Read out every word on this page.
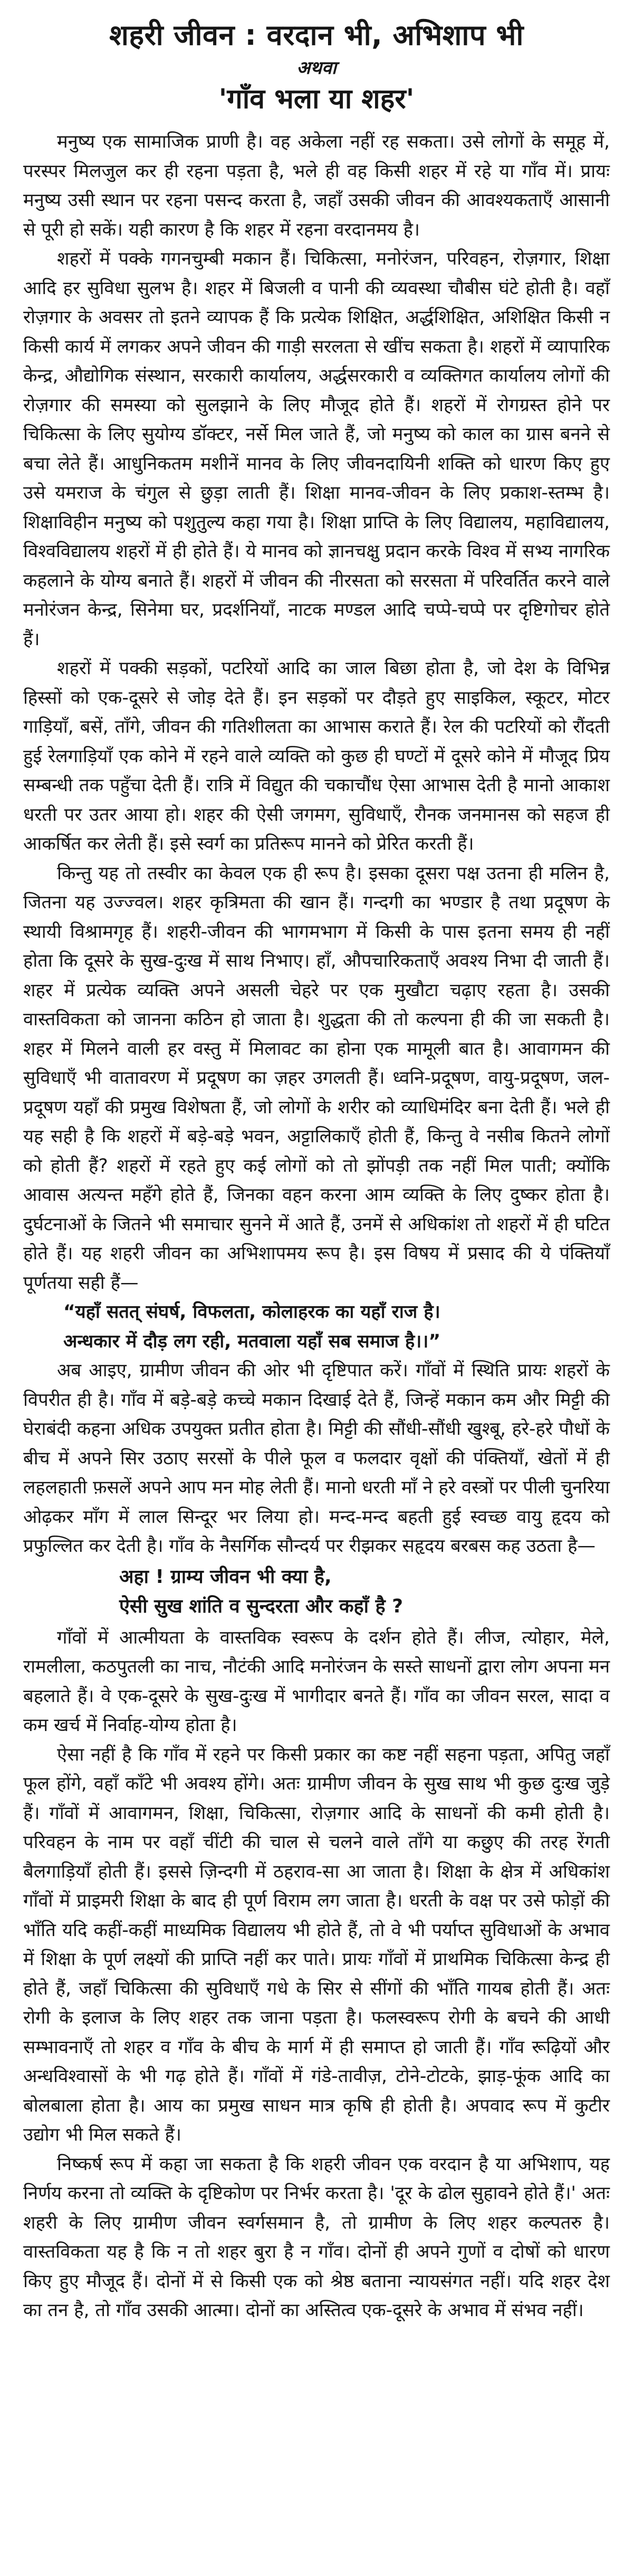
शहरी जीवन : वरदान भी, अभिशाप भी
अथवा
'गाँव भला या शहर'

मनुष्य एक सामाजिक प्राणी है। वह अकेला नहीं रह सकता। उसे लोगों के समूह में, परस्पर मिलजुल कर ही रहना पड़ता है, भले ही वह किसी शहर में रहे या गाँव में। प्रायः मनुष्य उसी स्थान पर रहना पसन्द करता है, जहाँ उसकी जीवन की आवश्यकताएँ आसानी से पूरी हो सकें। यही कारण है कि शहर में रहना वरदानमय है।

शहरों में पक्के गगनचुम्बी मकान हैं। चिकित्सा, मनोरंजन, परिवहन, रोज़गार, शिक्षा आदि हर सुविधा सुलभ है। शहर में बिजली व पानी की व्यवस्था चौबीस घंटे होती है। वहाँ रोज़गार के अवसर तो इतने व्यापक हैं कि प्रत्येक शिक्षित, अर्द्धशिक्षित, अशिक्षित किसी न किसी कार्य में लगकर अपने जीवन की गाड़ी सरलता से खींच सकता है। शहरों में व्यापारिक केन्द्र, औद्योगिक संस्थान, सरकारी कार्यालय, अर्द्धसरकारी व व्यक्तिगत कार्यालय लोगों की रोज़गार की समस्या को सुलझाने के लिए मौजूद होते हैं। शहरों में रोगग्रस्त होने पर चिकित्सा के लिए सुयोग्य डॉक्टर, नर्से मिल जाते हैं, जो मनुष्य को काल का ग्रास बनने से बचा लेते हैं। आधुनिकतम मशीनें मानव के लिए जीवनदायिनी शक्ति को धारण किए हुए उसे यमराज के चंगुल से छुड़ा लाती हैं। शिक्षा मानव-जीवन के लिए प्रकाश-स्तम्भ है। शिक्षाविहीन मनुष्य को पशुतुल्य कहा गया है। शिक्षा प्राप्ति के लिए विद्यालय, महाविद्यालय, विश्वविद्यालय शहरों में ही होते हैं। ये मानव को ज्ञानचक्षु प्रदान करके विश्व में सभ्य नागरिक कहलाने के योग्य बनाते हैं। शहरों में जीवन की नीरसता को सरसता में परिवर्तित करने वाले मनोरंजन केन्द्र, सिनेमा घर, प्रदर्शनियाँ, नाटक मण्डल आदि चप्पे-चप्पे पर दृष्टिगोचर होते हैं।

शहरों में पक्की सड़कों, पटरियों आदि का जाल बिछा होता है, जो देश के विभिन्न हिस्सों को एक-दूसरे से जोड़ देते हैं। इन सड़कों पर दौड़ते हुए साइकिल, स्कूटर, मोटर गाड़ियाँ, बसें, ताँगे, जीवन की गतिशीलता का आभास कराते हैं। रेल की पटरियों को रौंदती हुई रेलगाड़ियाँ एक कोने में रहने वाले व्यक्ति को कुछ ही घण्टों में दूसरे कोने में मौजूद प्रिय सम्बन्धी तक पहुँचा देती हैं। रात्रि में विद्युत की चकाचौंध ऐसा आभास देती है मानो आकाश धरती पर उतर आया हो। शहर की ऐसी जगमग, सुविधाएँ, रौनक जनमानस को सहज ही आकर्षित कर लेती हैं। इसे स्वर्ग का प्रतिरूप मानने को प्रेरित करती हैं।

किन्तु यह तो तस्वीर का केवल एक ही रूप है। इसका दूसरा पक्ष उतना ही मलिन है, जितना यह उज्ज्वल। शहर कृत्रिमता की खान हैं। गन्दगी का भण्डार है तथा प्रदूषण के स्थायी विश्रामगृह हैं। शहरी-जीवन की भागमभाग में किसी के पास इतना समय ही नहीं होता कि दूसरे के सुख-दुःख में साथ निभाए। हाँ, औपचारिकताएँ अवश्य निभा दी जाती हैं। शहर में प्रत्येक व्यक्ति अपने असली चेहरे पर एक मुखौटा चढ़ाए रहता है। उसकी वास्तविकता को जानना कठिन हो जाता है। शुद्धता की तो कल्पना ही की जा सकती है। शहर में मिलने वाली हर वस्तु में मिलावट का होना एक मामूली बात है। आवागमन की सुविधाएँ भी वातावरण में प्रदूषण का ज़हर उगलती हैं। ध्वनि-प्रदूषण, वायु-प्रदूषण, जल-प्रदूषण यहाँ की प्रमुख विशेषता हैं, जो लोगों के शरीर को व्याधिमंदिर बना देती हैं। भले ही यह सही है कि शहरों में बड़े-बड़े भवन, अट्टालिकाएँ होती हैं, किन्तु वे नसीब कितने लोगों को होती हैं? शहरों में रहते हुए कई लोगों को तो झोंपड़ी तक नहीं मिल पाती; क्योंकि आवास अत्यन्त महँगे होते हैं, जिनका वहन करना आम व्यक्ति के लिए दुष्कर होता है। दुर्घटनाओं के जितने भी समाचार सुनने में आते हैं, उनमें से अधिकांश तो शहरों में ही घटित होते हैं। यह शहरी जीवन का अभिशापमय रूप है। इस विषय में प्रसाद की ये पंक्तियाँ पूर्णतया सही हैं—

“यहाँ सतत् संघर्ष, विफलता, कोलाहरक का यहाँ राज है।
अन्धकार में दौड़ लग रही, मतवाला यहाँ सब समाज है।।”

अब आइए, ग्रामीण जीवन की ओर भी दृष्टिपात करें। गाँवों में स्थिति प्रायः शहरों के विपरीत ही है। गाँव में बड़े-बड़े कच्चे मकान दिखाई देते हैं, जिन्हें मकान कम और मिट्टी की घेराबंदी कहना अधिक उपयुक्त प्रतीत होता है। मिट्टी की सौंधी-सौंधी खुश्बू, हरे-हरे पौधों के बीच में अपने सिर उठाए सरसों के पीले फूल व फलदार वृक्षों की पंक्तियाँ, खेतों में ही लहलहाती फ़सलें अपने आप मन मोह लेती हैं। मानो धरती माँ ने हरे वस्त्रों पर पीली चुनरिया ओढ़कर माँग में लाल सिन्दूर भर लिया हो। मन्द-मन्द बहती हुई स्वच्छ वायु हृदय को प्रफुल्लित कर देती है। गाँव के नैसर्गिक सौन्दर्य पर रीझकर सहृदय बरबस कह उठता है—

अहा ! ग्राम्य जीवन भी क्या है,
ऐसी सुख शांति व सुन्दरता और कहाँ है ?

गाँवों में आत्मीयता के वास्तविक स्वरूप के दर्शन होते हैं। लीज, त्योहार, मेले, रामलीला, कठपुतली का नाच, नौटंकी आदि मनोरंजन के सस्ते साधनों द्वारा लोग अपना मन बहलाते हैं। वे एक-दूसरे के सुख-दुःख में भागीदार बनते हैं। गाँव का जीवन सरल, सादा व कम खर्च में निर्वाह-योग्य होता है।

ऐसा नहीं है कि गाँव में रहने पर किसी प्रकार का कष्ट नहीं सहना पड़ता, अपितु जहाँ फूल होंगे, वहाँ काँटे भी अवश्य होंगे। अतः ग्रामीण जीवन के सुख साथ भी कुछ दुःख जुड़े हैं। गाँवों में आवागमन, शिक्षा, चिकित्सा, रोज़गार आदि के साधनों की कमी होती है। परिवहन के नाम पर वहाँ चींटी की चाल से चलने वाले ताँगे या कछुए की तरह रेंगती बैलगाड़ियाँ होती हैं। इससे ज़िन्दगी में ठहराव-सा आ जाता है। शिक्षा के क्षेत्र में अधिकांश गाँवों में प्राइमरी शिक्षा के बाद ही पूर्ण विराम लग जाता है। धरती के वक्ष पर उसे फोड़ों की भाँति यदि कहीं-कहीं माध्यमिक विद्यालय भी होते हैं, तो वे भी पर्याप्त सुविधाओं के अभाव में शिक्षा के पूर्ण लक्ष्यों की प्राप्ति नहीं कर पाते। प्रायः गाँवों में प्राथमिक चिकित्सा केन्द्र ही होते हैं, जहाँ चिकित्सा की सुविधाएँ गधे के सिर से सींगों की भाँति गायब होती हैं। अतः रोगी के इलाज के लिए शहर तक जाना पड़ता है। फलस्वरूप रोगी के बचने की आधी सम्भावनाएँ तो शहर व गाँव के बीच के मार्ग में ही समाप्त हो जाती हैं। गाँव रूढ़ियों और अन्धविश्वासों के भी गढ़ होते हैं। गाँवों में गंडे-तावीज़, टोने-टोटके, झाड़-फूंक आदि का बोलबाला होता है। आय का प्रमुख साधन मात्र कृषि ही होती है। अपवाद रूप में कुटीर उद्योग भी मिल सकते हैं।

निष्कर्ष रूप में कहा जा सकता है कि शहरी जीवन एक वरदान है या अभिशाप, यह निर्णय करना तो व्यक्ति के दृष्टिकोण पर निर्भर करता है। 'दूर के ढोल सुहावने होते हैं।' अतः शहरी के लिए ग्रामीण जीवन स्वर्गसमान है, तो ग्रामीण के लिए शहर कल्पतरु है। वास्तविकता यह है कि न तो शहर बुरा है न गाँव। दोनों ही अपने गुणों व दोषों को धारण किए हुए मौजूद हैं। दोनों में से किसी एक को श्रेष्ठ बताना न्यायसंगत नहीं। यदि शहर देश का तन है, तो गाँव उसकी आत्मा। दोनों का अस्तित्व एक-दूसरे के अभाव में संभव नहीं।
